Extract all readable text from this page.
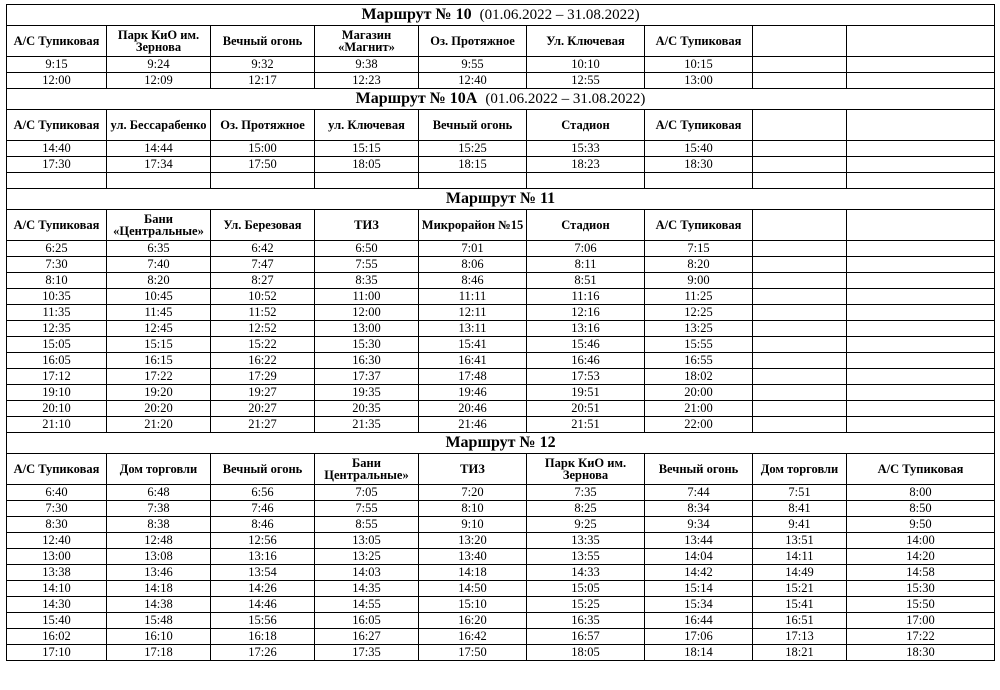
Маршрут № 10 (01.06.2022 – 31.08.2022)								
А/С Тупиковая	Парк КиО им. Зернова	Вечный огонь	Магазин «Магнит»	Оз. Протяжное	Ул. Ключевая	А/С Тупиковая		
9:15	9:24	9:32	9:38	9:55	10:10	10:15		
12:00	12:09	12:17	12:23	12:40	12:55	13:00		
Маршрут № 10А (01.06.2022 – 31.08.2022)								
А/С Тупиковая	ул. Бессарабенко	Оз. Протяжное	ул. Ключевая	Вечный огонь	Стадион	А/С Тупиковая		
14:40	14:44	15:00	15:15	15:25	15:33	15:40		
17:30	17:34	17:50	18:05	18:15	18:23	18:30		

Маршрут № 11								
А/С Тупиковая	Бани «Центральные»	Ул. Березовая	ТИЗ	Микрорайон №15	Стадион	А/С Тупиковая		
6:25	6:35	6:42	6:50	7:01	7:06	7:15		
7:30	7:40	7:47	7:55	8:06	8:11	8:20		
8:10	8:20	8:27	8:35	8:46	8:51	9:00		
10:35	10:45	10:52	11:00	11:11	11:16	11:25		
11:35	11:45	11:52	12:00	12:11	12:16	12:25		
12:35	12:45	12:52	13:00	13:11	13:16	13:25		
15:05	15:15	15:22	15:30	15:41	15:46	15:55		
16:05	16:15	16:22	16:30	16:41	16:46	16:55		
17:12	17:22	17:29	17:37	17:48	17:53	18:02		
19:10	19:20	19:27	19:35	19:46	19:51	20:00		
20:10	20:20	20:27	20:35	20:46	20:51	21:00		
21:10	21:20	21:27	21:35	21:46	21:51	22:00		
Маршрут № 12								
А/С Тупиковая	Дом торговли	Вечный огонь	Бани Центральные»	ТИЗ	Парк КиО им. Зернова	Вечный огонь	Дом торговли	А/С Тупиковая
6:40	6:48	6:56	7:05	7:20	7:35	7:44	7:51	8:00
7:30	7:38	7:46	7:55	8:10	8:25	8:34	8:41	8:50
8:30	8:38	8:46	8:55	9:10	9:25	9:34	9:41	9:50
12:40	12:48	12:56	13:05	13:20	13:35	13:44	13:51	14:00
13:00	13:08	13:16	13:25	13:40	13:55	14:04	14:11	14:20
13:38	13:46	13:54	14:03	14:18	14:33	14:42	14:49	14:58
14:10	14:18	14:26	14:35	14:50	15:05	15:14	15:21	15:30
14:30	14:38	14:46	14:55	15:10	15:25	15:34	15:41	15:50
15:40	15:48	15:56	16:05	16:20	16:35	16:44	16:51	17:00
16:02	16:10	16:18	16:27	16:42	16:57	17:06	17:13	17:22
17:10	17:18	17:26	17:35	17:50	18:05	18:14	18:21	18:30
